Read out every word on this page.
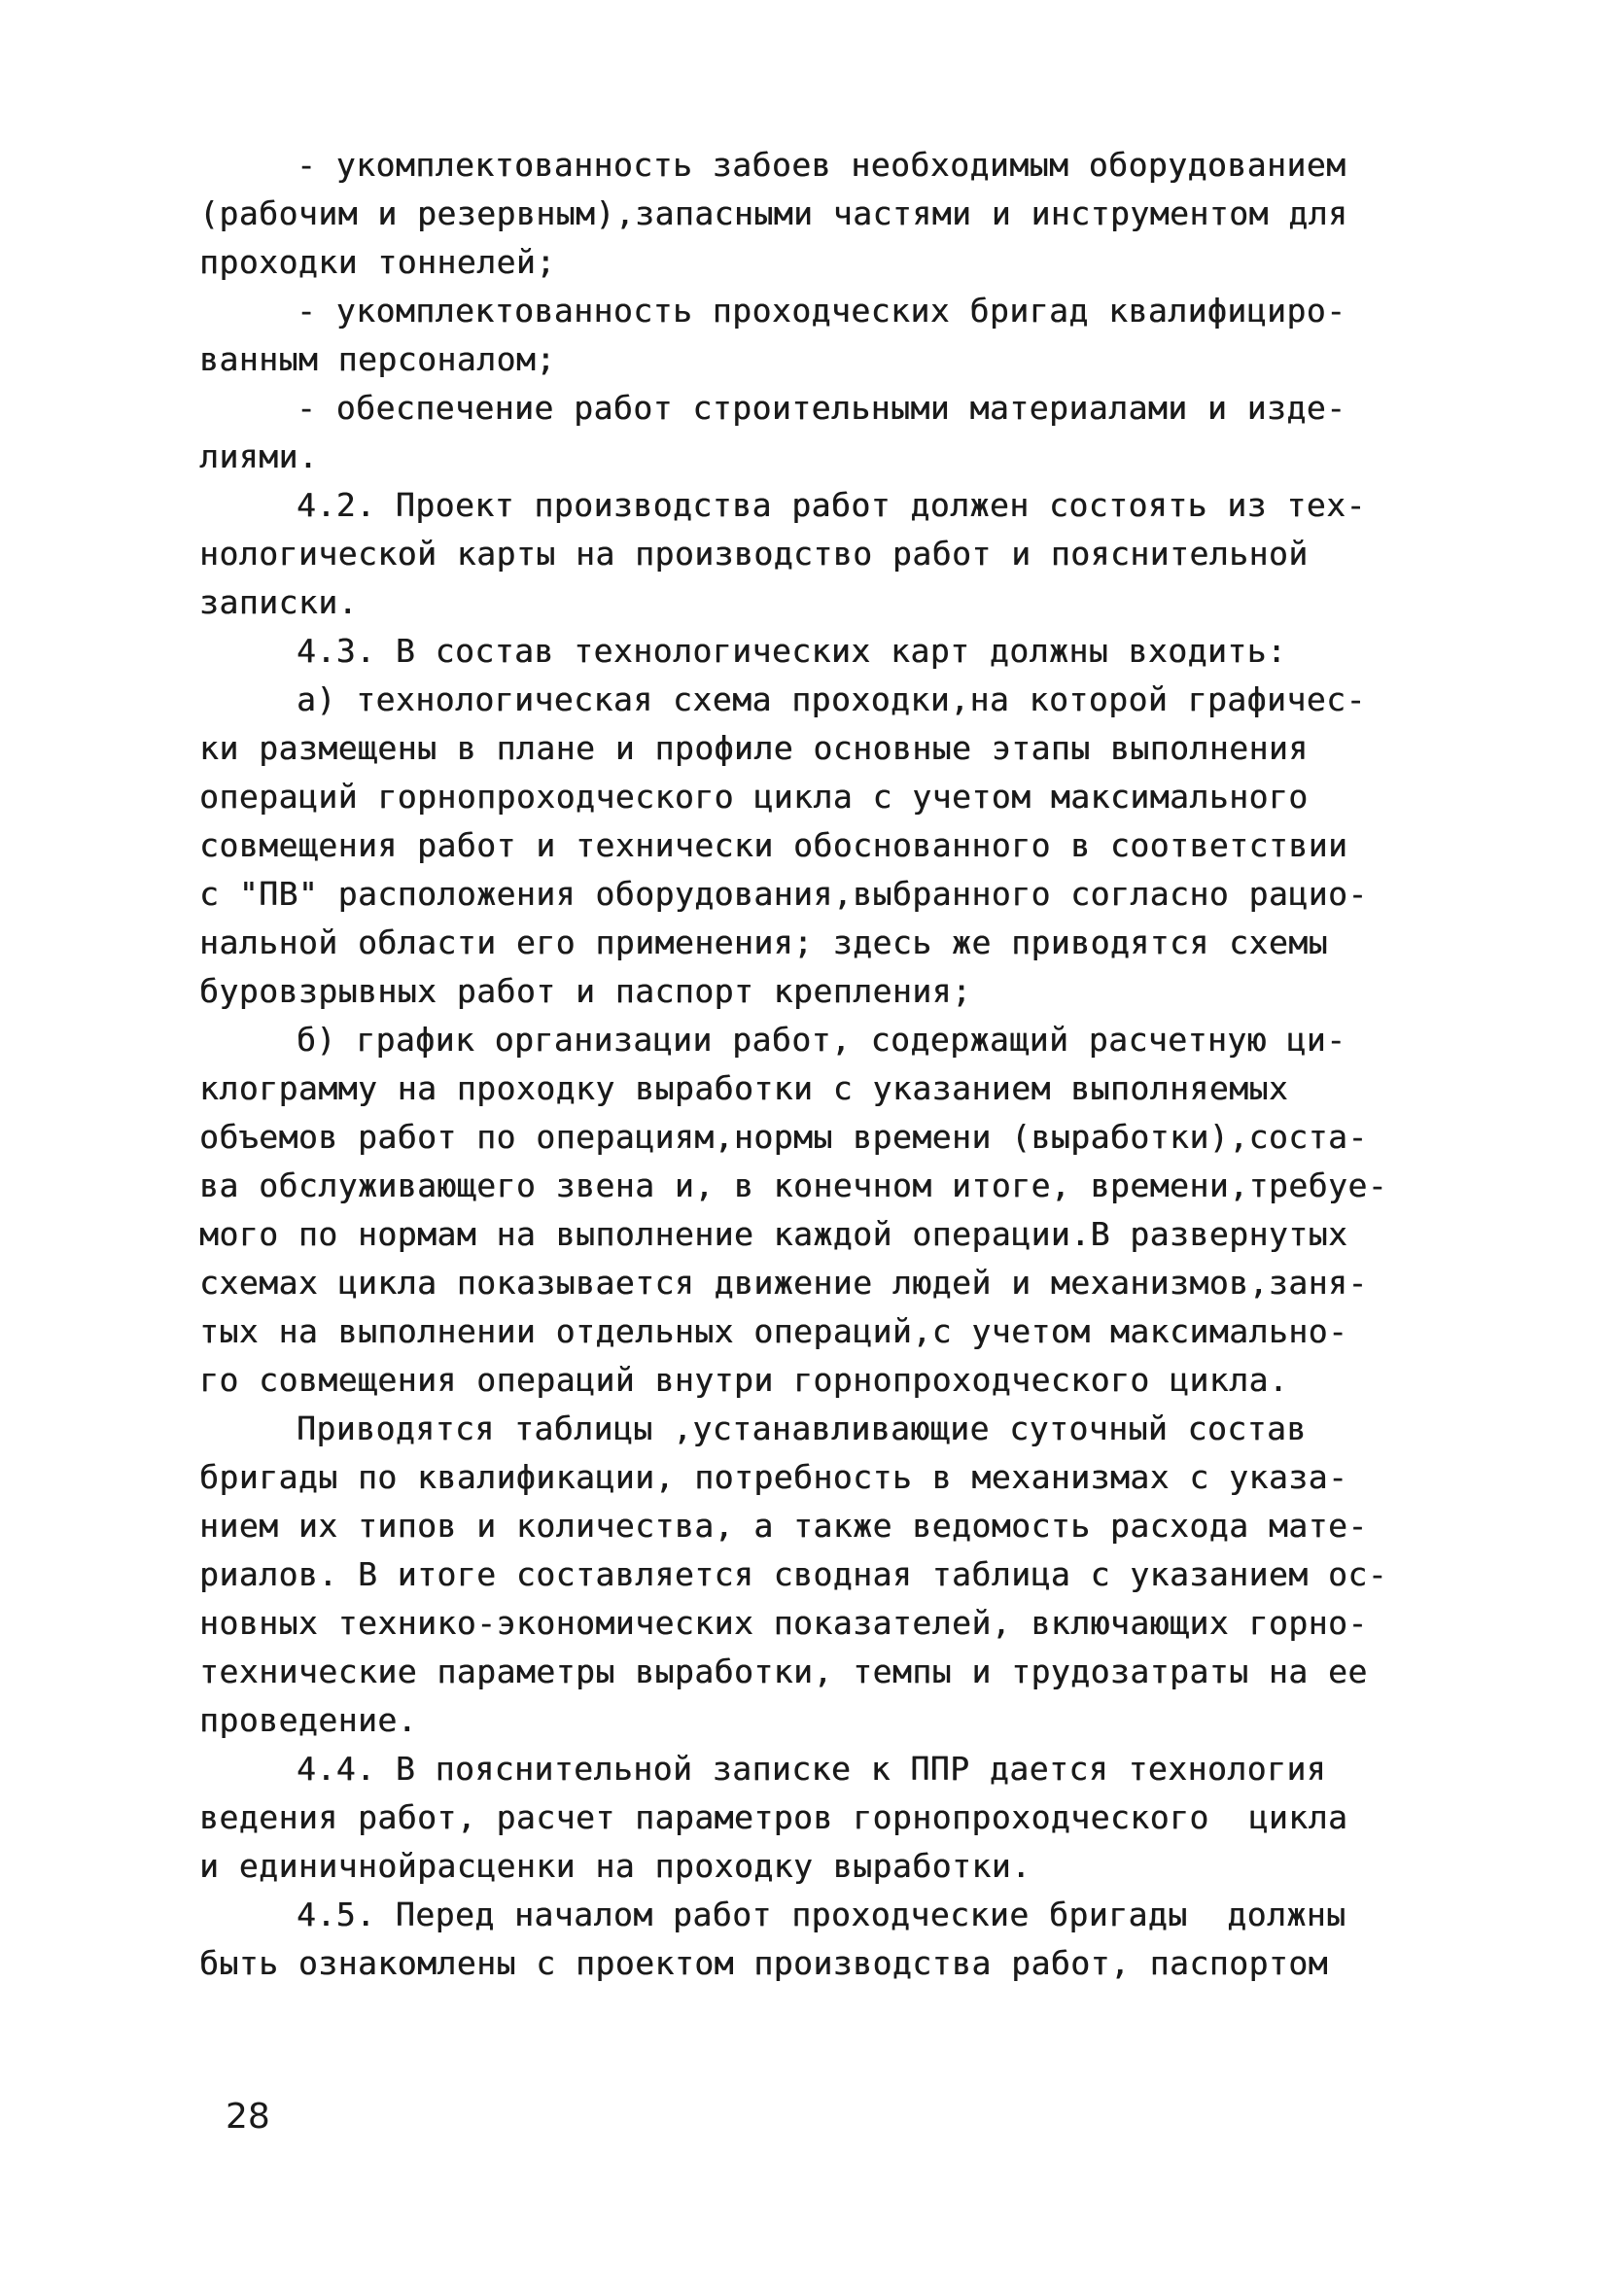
- укомплектованность забоев необходимым оборудованием
(рабочим и резервным),запасными частями и инструментом для
проходки тоннелей;
- укомплектованность проходческих бригад квалифициро-
ванным персоналом;
- обеспечение работ строительными материалами и изде-
лиями.
4.2. Проект производства работ должен состоять из тех-
нологической карты на производство работ и пояснительной
записки.
4.3. В состав технологических карт должны входить:
а) технологическая схема проходки,на которой графичес-
ки размещены в плане и профиле основные этапы выполнения
операций горнопроходческого цикла с учетом максимального
совмещения работ и технически обоснованного в соответствии
с "ПВ" расположения оборудования,выбранного согласно рацио-
нальной области его применения; здесь же приводятся схемы
буровзрывных работ и паспорт крепления;
б) график организации работ, содержащий расчетную ци-
клограмму на проходку выработки с указанием выполняемых
объемов работ по операциям,нормы времени (выработки),соста-
ва обслуживающего звена и, в конечном итоге, времени,требуе-
мого по нормам на выполнение каждой операции.В развернутых
схемах цикла показывается движение людей и механизмов,заня-
тых на выполнении отдельных операций,с учетом максимально-
го совмещения операций внутри горнопроходческого цикла.
Приводятся таблицы ,устанавливающие суточный состав
бригады по квалификации, потребность в механизмах с указа-
нием их типов и количества, а также ведомость расхода мате-
риалов. В итоге составляется сводная таблица с указанием ос-
новных технико-экономических показателей, включающих горно-
технические параметры выработки, темпы и трудозатраты на ее
проведение.
4.4. В пояснительной записке к ППР дается технология
ведения работ, расчет параметров горнопроходческого  цикла
и единичнойрасценки на проходку выработки.
4.5. Перед началом работ проходческие бригады  должны
быть ознакомлены с проектом производства работ, паспортом
28
